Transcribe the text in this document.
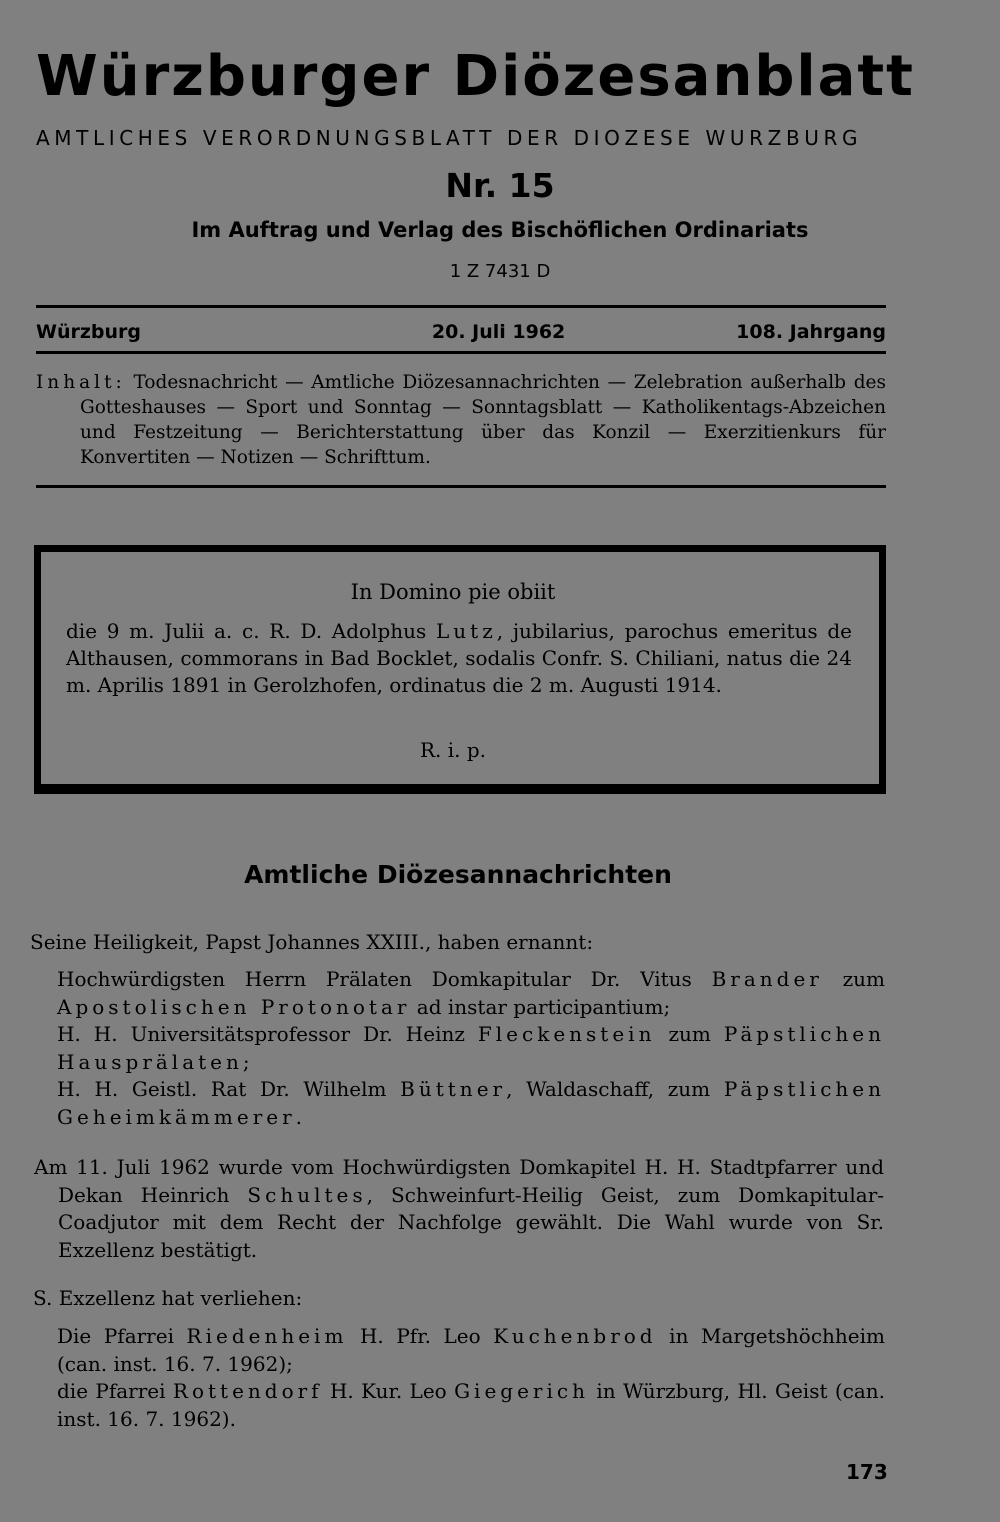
Würzburger Diözesanblatt
AMTLICHES VERORDNUNGSBLATT DER DIOZESE WURZBURG
Nr. 15
Im Auftrag und Verlag des Bischöflichen Ordinariats
1 Z 7431 D
Würzburg	20. Juli 1962	108. Jahrgang
Inhalt: Todesnachricht — Amtliche Diözesannachrichten — Zelebration außerhalb des Gotteshauses — Sport und Sonntag — Sonntagsblatt — Katholikentags-Abzeichen und Festzeitung — Berichterstattung über das Konzil — Exerzitienkurs für Konvertiten — Notizen — Schrifttum.
In Domino pie obiit
die 9 m. Julii a. c. R. D. Adolphus Lutz, jubilarius, parochus emeritus de Althausen, commorans in Bad Bocklet, sodalis Confr. S. Chiliani, natus die 24 m. Aprilis 1891 in Gerolzhofen, ordinatus die 2 m. Augusti 1914.
R. i. p.
Amtliche Diözesannachrichten
Seine Heiligkeit, Papst Johannes XXIII., haben ernannt:
Hochwürdigsten Herrn Prälaten Domkapitular Dr. Vitus Brander zum Apostolischen Protonotar ad instar participantium;
H. H. Universitätsprofessor Dr. Heinz Fleckenstein zum Päpstlichen Hausprälaten;
H. H. Geistl. Rat Dr. Wilhelm Büttner, Waldaschaff, zum Päpstlichen Geheimkämmerer.
Am 11. Juli 1962 wurde vom Hochwürdigsten Domkapitel H. H. Stadtpfarrer und Dekan Heinrich Schultes, Schweinfurt-Heilig Geist, zum Domkapitular-Coadjutor mit dem Recht der Nachfolge gewählt. Die Wahl wurde von Sr. Exzellenz bestätigt.
S. Exzellenz hat verliehen:
Die Pfarrei Riedenheim H. Pfr. Leo Kuchenbrod in Margetshöchheim (can. inst. 16. 7. 1962);
die Pfarrei Rottendorf H. Kur. Leo Giegerich in Würzburg, Hl. Geist (can. inst. 16. 7. 1962).
173
